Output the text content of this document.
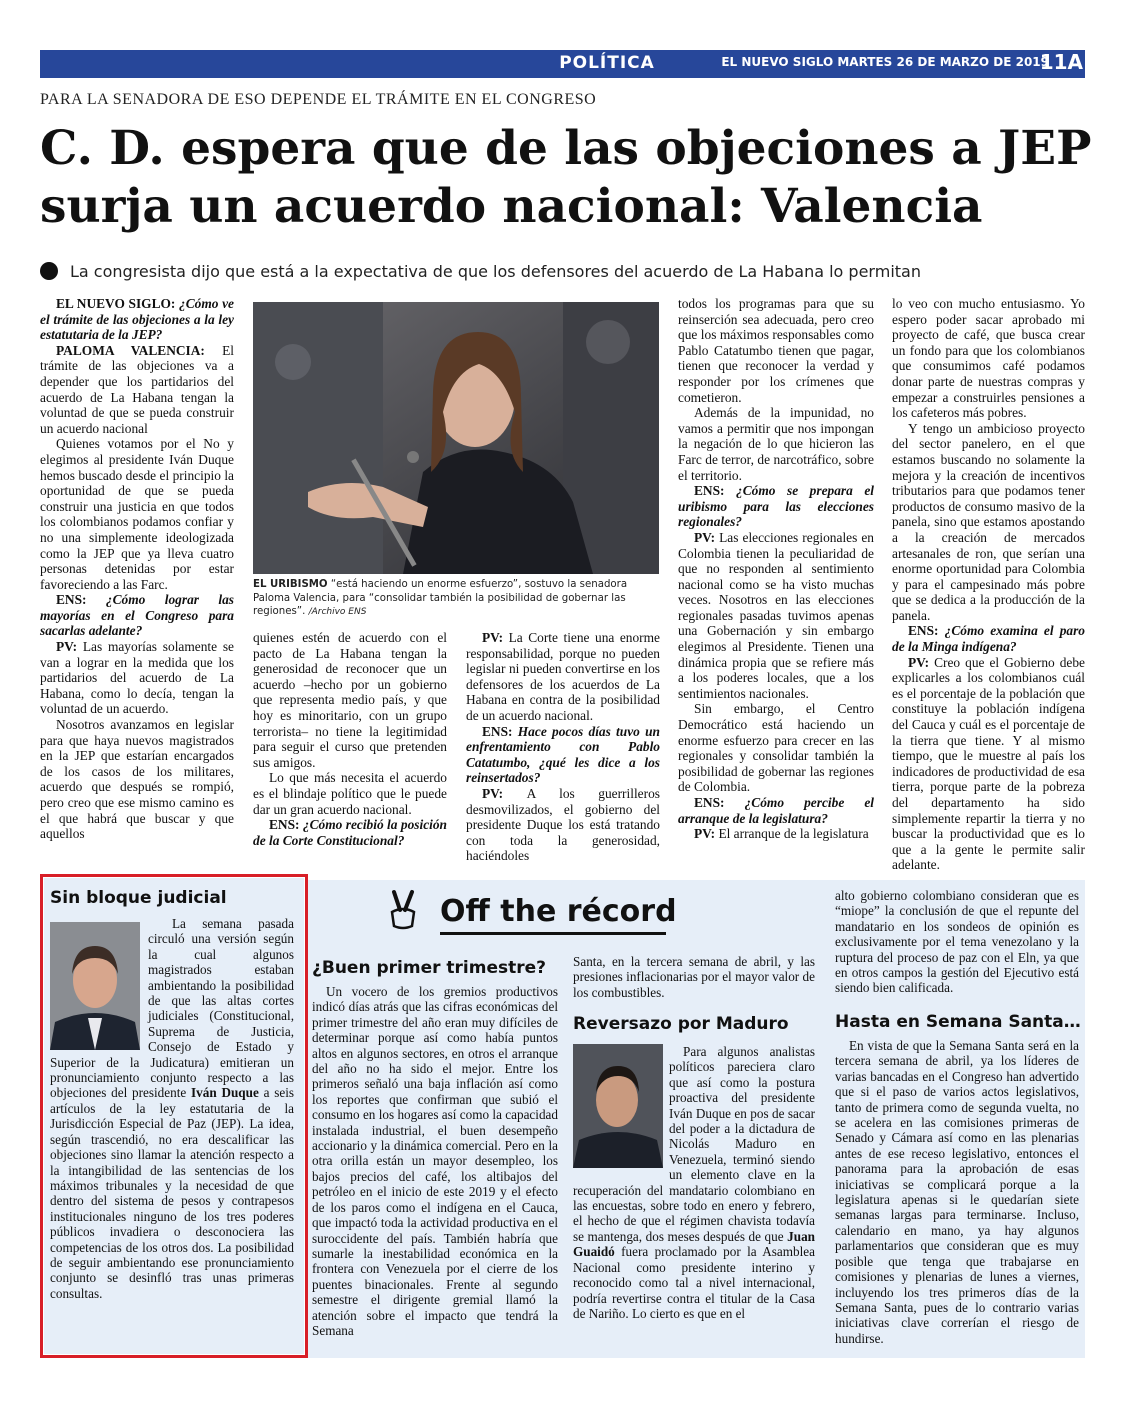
POLÍTICA	EL NUEVO SIGLO MARTES 26 DE MARZO DE 2019
11A
PARA LA SENADORA DE ESO DEPENDE EL TRÁMITE EN EL CONGRESO
C. D. espera que de las objeciones a JEP
surja un acuerdo nacional: Valencia
La congresista dijo que está a la expectativa de que los defensores del acuerdo de La Habana lo permitan

EL NUEVO SIGLO: ¿Cómo ve el trámite de las objeciones a la ley estatutaria de la JEP?

PALOMA VALENCIA: El trámite de las objeciones va a depender que los partidarios del acuerdo de La Habana tengan la voluntad de que se pueda construir un acuerdo nacional

Quienes votamos por el No y elegimos al presidente Iván Duque hemos buscado desde el principio la oportunidad de que se pueda construir una justicia en que todos los colombianos podamos confiar y no una simplemente ideologizada como la JEP que ya lleva cuatro personas detenidas por estar favoreciendo a las Farc.

ENS: ¿Cómo lograr las mayorías en el Congreso para sacarlas adelante?

PV: Las mayorías solamente se van a lograr en la medida que los partidarios del acuerdo de La Habana, como lo decía, tengan la voluntad de un acuerdo.

Nosotros avanzamos en legislar para que haya nuevos magistrados en la JEP que estarían encargados de los casos de los militares, acuerdo que después se rompió, pero creo que ese mismo camino es el que habrá que buscar y que aquellos

EL URIBISMO “está haciendo un enorme esfuerzo”, sostuvo la senadora Paloma Valencia, para “consolidar también la posibilidad de gobernar las regiones”. /Archivo ENS

quienes estén de acuerdo con el pacto de La Habana tengan la generosidad de reconocer que un acuerdo –hecho por un gobierno que representa medio país, y que hoy es minoritario, con un grupo terrorista– no tiene la legitimidad para seguir el curso que pretenden sus amigos.

Lo que más necesita el acuerdo es el blindaje político que le puede dar un gran acuerdo nacional.

ENS: ¿Cómo recibió la posición de la Corte Constitucional?

PV: La Corte tiene una enorme responsabilidad, porque no pueden legislar ni pueden convertirse en los defensores de los acuerdos de La Habana en contra de la posibilidad de un acuerdo nacional.

ENS: Hace pocos días tuvo un enfrentamiento con Pablo Catatumbo, ¿qué les dice a los reinsertados?

PV: A los guerrilleros desmovilizados, el gobierno del presidente Duque los está tratando con toda la generosidad, haciéndoles

todos los programas para que su reinserción sea adecuada, pero creo que los máximos responsables como Pablo Catatumbo tienen que pagar, tienen que reconocer la verdad y responder por los crímenes que cometieron.

Además de la impunidad, no vamos a permitir que nos impongan la negación de lo que hicieron las Farc de terror, de narcotráfico, sobre el territorio.

ENS: ¿Cómo se prepara el uribismo para las elecciones regionales?

PV: Las elecciones regionales en Colombia tienen la peculiaridad de que no responden al sentimiento nacional como se ha visto muchas veces. Nosotros en las elecciones regionales pasadas tuvimos apenas una Gobernación y sin embargo elegimos al Presidente. Tienen una dinámica propia que se refiere más a los poderes locales, que a los sentimientos nacionales.

Sin embargo, el Centro Democrático está haciendo un enorme esfuerzo para crecer en las regionales y consolidar también la posibilidad de gobernar las regiones de Colombia.

ENS: ¿Cómo percibe el arranque de la legislatura?

PV: El arranque de la legislatura

lo veo con mucho entusiasmo. Yo espero poder sacar aprobado mi proyecto de café, que busca crear un fondo para que los colombianos que consumimos café podamos donar parte de nuestras compras y empezar a construirles pensiones a los cafeteros más pobres.

Y tengo un ambicioso proyecto del sector panelero, en el que estamos buscando no solamente la mejora y la creación de incentivos tributarios para que podamos tener productos de consumo masivo de la panela, sino que estamos apostando a la creación de mercados artesanales de ron, que serían una enorme oportunidad para Colombia y para el campesinado más pobre que se dedica a la producción de la panela.

ENS: ¿Cómo examina el paro de la Minga indígena?

PV: Creo que el Gobierno debe explicarles a los colombianos cuál es el porcentaje de la población que constituye la población indígena del Cauca y cuál es el porcentaje de la tierra que tiene. Y al mismo tiempo, que le muestre al país los indicadores de productividad de esa tierra, porque parte de la pobreza del departamento ha sido simplemente repartir la tierra y no buscar la productividad que es lo que a la gente le permite salir adelante.

Sin bloque judicial

La semana pasada circuló una versión según la cual algunos magistrados estaban ambientando la posibilidad de que las altas cortes judiciales (Constitucional, Suprema de Justicia, Consejo de Estado y Superior de la Judicatura) emitieran un pronunciamiento conjunto respecto a las objeciones del presidente Iván Duque a seis artículos de la ley estatutaria de la Jurisdicción Especial de Paz (JEP). La idea, según trascendió, no era descalificar las objeciones sino llamar la atención respecto a la intangibilidad de las sentencias de los máximos tribunales y la necesidad de que dentro del sistema de pesos y contrapesos institucionales ninguno de los tres poderes públicos invadiera o desconociera las competencias de los otros dos. La posibilidad de seguir ambientando ese pronunciamiento conjunto se desinfló tras unas primeras consultas.

Off the récord
¿Buen primer trimestre?

Un vocero de los gremios productivos indicó días atrás que las cifras económicas del primer trimestre del año eran muy difíciles de determinar porque así como había puntos altos en algunos sectores, en otros el arranque del año no ha sido el mejor. Entre los primeros señaló una baja inflación así como los reportes que confirman que subió el consumo en los hogares así como la capacidad instalada industrial, el buen desempeño accionario y la dinámica comercial. Pero en la otra orilla están un mayor desempleo, los bajos precios del café, los altibajos del petróleo en el inicio de este 2019 y el efecto de los paros como el indígena en el Cauca, que impactó toda la actividad productiva en el suroccidente del país. También habría que sumarle la inestabilidad económica en la frontera con Venezuela por el cierre de los puentes binacionales. Frente al segundo semestre el dirigente gremial llamó la atención sobre el impacto que tendrá la Semana

Santa, en la tercera semana de abril, y las presiones inflacionarias por el mayor valor de los combustibles.

Reversazo por Maduro

Para algunos analistas políticos pareciera claro que así como la postura proactiva del presidente Iván Duque en pos de sacar del poder a la dictadura de Nicolás Maduro en Venezuela, terminó siendo un elemento clave en la recuperación del mandatario colombiano en las encuestas, sobre todo en enero y febrero, el hecho de que el régimen chavista todavía se mantenga, dos meses después de que Juan Guaidó fuera proclamado por la Asamblea Nacional como presidente interino y reconocido como tal a nivel internacional, podría revertirse contra el titular de la Casa de Nariño. Lo cierto es que en el

alto gobierno colombiano consideran que es “miope” la conclusión de que el repunte del mandatario en los sondeos de opinión es exclusivamente por el tema venezolano y la ruptura del proceso de paz con el Eln, ya que en otros campos la gestión del Ejecutivo está siendo bien calificada.

Hasta en Semana Santa…

En vista de que la Semana Santa será en la tercera semana de abril, ya los líderes de varias bancadas en el Congreso han advertido que si el paso de varios actos legislativos, tanto de primera como de segunda vuelta, no se acelera en las comisiones primeras de Senado y Cámara así como en las plenarias antes de ese receso legislativo, entonces el panorama para la aprobación de esas iniciativas se complicará porque a la legislatura apenas si le quedarían siete semanas largas para terminarse. Incluso, calendario en mano, ya hay algunos parlamentarios que consideran que es muy posible que tenga que trabajarse en comisiones y plenarias de lunes a viernes, incluyendo los tres primeros días de la Semana Santa, pues de lo contrario varias iniciativas clave correrían el riesgo de hundirse.
